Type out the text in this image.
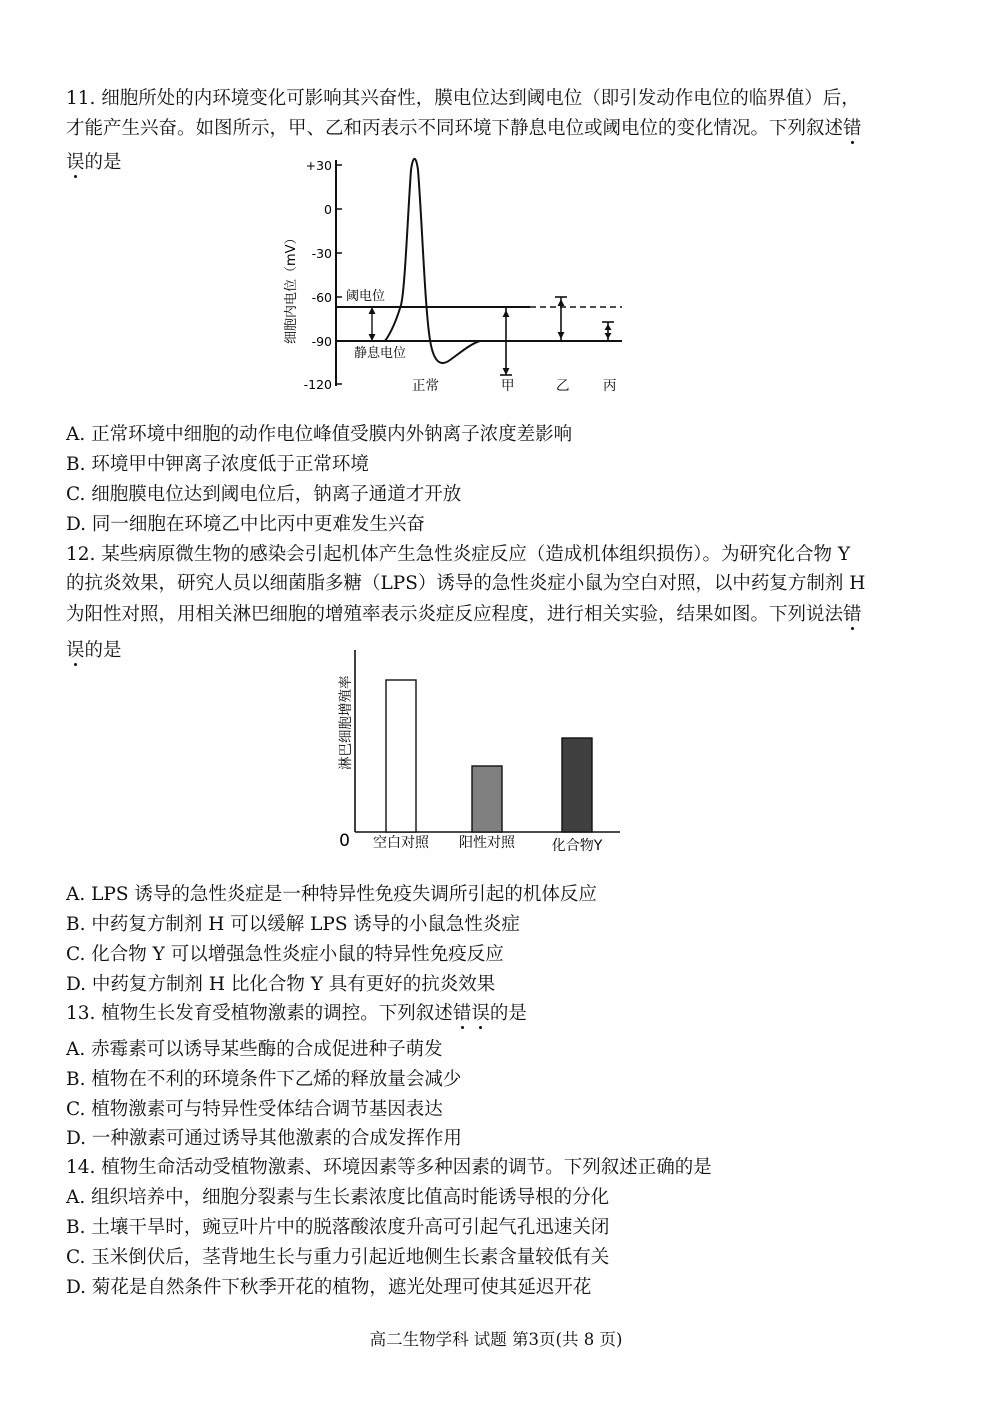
11. 细胞所处的内环境变化可影响其兴奋性，膜电位达到阈电位（即引发动作电位的临界值）后，
才能产生兴奋。如图所示，甲、乙和丙表示不同环境下静息电位或阈电位的变化情况。下列叙述错
误的是	+30
0
-30
-60
-90
-120
细胞内电位（mV）	阈电位
静息电位
正常	甲	乙 丙
A. 正常环境中细胞的动作电位峰值受膜内外钠离子浓度差影响
B. 环境甲中钾离子浓度低于正常环境
C. 细胞膜电位达到阈电位后，钠离子通道才开放
D. 同一细胞在环境乙中比丙中更难发生兴奋
12. 某些病原微生物的感染会引起机体产生急性炎症反应（造成机体组织损伤）。为研究化合物 Y
的抗炎效果，研究人员以细菌脂多糖（LPS）诱导的急性炎症小鼠为空白对照，以中药复方制剂 H
为阳性对照，用相关淋巴细胞的增殖率表示炎症反应程度，进行相关实验，结果如图。下列说法错
误的是
淋巴细胞增殖率
0 空白对照 阳性对照	化合物Y
A. LPS 诱导的急性炎症是一种特异性免疫失调所引起的机体反应
B. 中药复方制剂 H 可以缓解 LPS 诱导的小鼠急性炎症
C. 化合物 Y 可以增强急性炎症小鼠的特异性免疫反应
D. 中药复方制剂 H 比化合物 Y 具有更好的抗炎效果
13. 植物生长发育受植物激素的调控。下列叙述错误的是
A. 赤霉素可以诱导某些酶的合成促进种子萌发
B. 植物在不利的环境条件下乙烯的释放量会减少
C. 植物激素可与特异性受体结合调节基因表达
D. 一种激素可通过诱导其他激素的合成发挥作用
14. 植物生命活动受植物激素、环境因素等多种因素的调节。下列叙述正确的是
A. 组织培养中，细胞分裂素与生长素浓度比值高时能诱导根的分化
B. 土壤干旱时，豌豆叶片中的脱落酸浓度升高可引起气孔迅速关闭
C. 玉米倒伏后，茎背地生长与重力引起近地侧生长素含量较低有关
D. 菊花是自然条件下秋季开花的植物，遮光处理可使其延迟开花
高二生物学科 试题 第3页(共 8 页)
